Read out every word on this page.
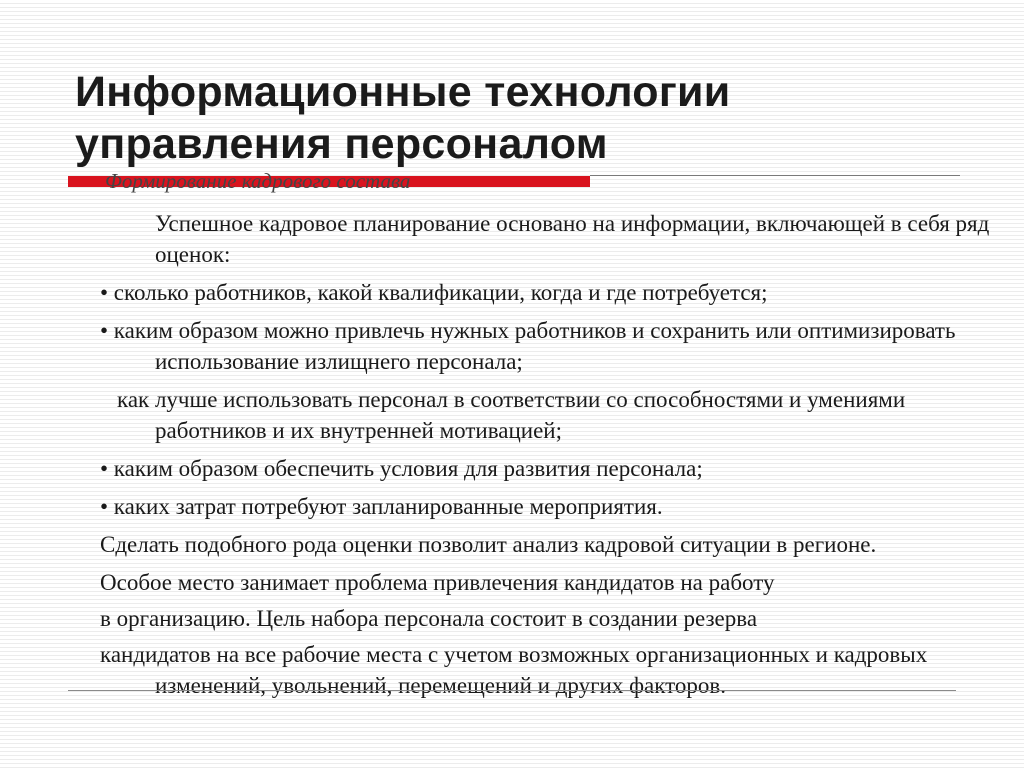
Информационные технологии
управления персоналом
Формирование кадрового состава

Успешное кадровое планирование основано на информации, включающей в себя ряд оценок:

• сколько работников, какой квалификации, когда и где потребуется;

• каким образом можно привлечь нужных работников и сохранить или оптимизировать использование излищнего персонала;

как лучше использовать персонал в соответствии со способностями и умениями работников и их внутренней мотивацией;

• каким образом обеспечить условия для развития персонала;

• каких затрат потребуют запланированные мероприятия.

Сделать подобного рода оценки позволит анализ кадровой ситуации в регионе.

Особое место занимает проблема привлечения кандидатов на работу

в организацию. Цель набора персонала состоит в создании резерва

кандидатов на все рабочие места с учетом возможных организационных и кадровых изменений, увольнений, перемещений и других факторов.
